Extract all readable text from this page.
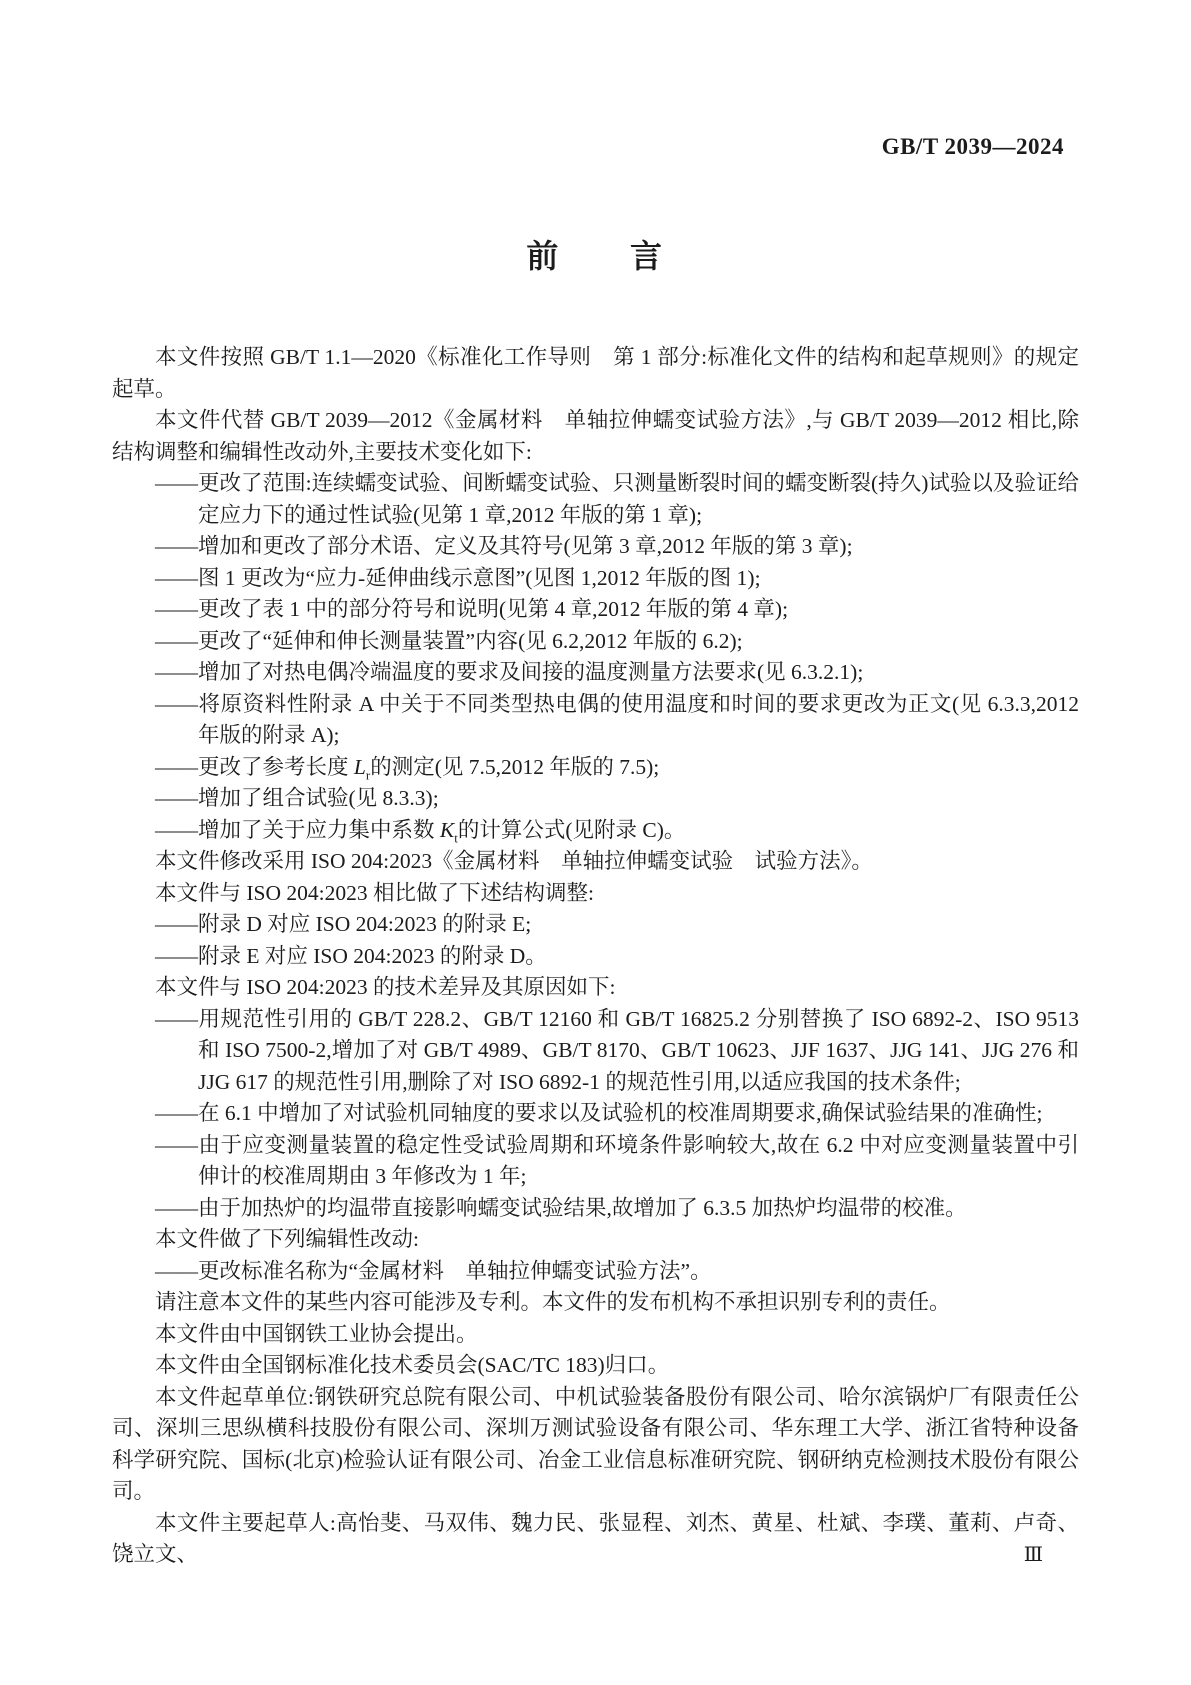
GB/T 2039—2024
前　　言

本文件按照 GB/T 1.1—2020《标准化工作导则　第 1 部分:标准化文件的结构和起草规则》的规定起草。

本文件代替 GB/T 2039—2012《金属材料　单轴拉伸蠕变试验方法》,与 GB/T 2039—2012 相比,除结构调整和编辑性改动外,主要技术变化如下:

——更改了范围:连续蠕变试验、间断蠕变试验、只测量断裂时间的蠕变断裂(持久)试验以及验证给定应力下的通过性试验(见第 1 章,2012 年版的第 1 章);
——增加和更改了部分术语、定义及其符号(见第 3 章,2012 年版的第 3 章);
——图 1 更改为“应力-延伸曲线示意图”(见图 1,2012 年版的图 1);
——更改了表 1 中的部分符号和说明(见第 4 章,2012 年版的第 4 章);
——更改了“延伸和伸长测量装置”内容(见 6.2,2012 年版的 6.2);
——增加了对热电偶冷端温度的要求及间接的温度测量方法要求(见 6.3.2.1);
——将原资料性附录 A 中关于不同类型热电偶的使用温度和时间的要求更改为正文(见 6.3.3,2012 年版的附录 A);
——更改了参考长度 $L_r$的测定(见 7.5,2012 年版的 7.5);
——增加了组合试验(见 8.3.3);
——增加了关于应力集中系数 $K_t$的计算公式(见附录 C)。

本文件修改采用 ISO 204:2023《金属材料　单轴拉伸蠕变试验　试验方法》。

本文件与 ISO 204:2023 相比做了下述结构调整:

——附录 D 对应 ISO 204:2023 的附录 E;
——附录 E 对应 ISO 204:2023 的附录 D。

本文件与 ISO 204:2023 的技术差异及其原因如下:

——用规范性引用的 GB/T 228.2、GB/T 12160 和 GB/T 16825.2 分别替换了 ISO 6892-2、ISO 9513 和 ISO 7500-2,增加了对 GB/T 4989、GB/T 8170、GB/T 10623、JJF 1637、JJG 141、JJG 276 和 JJG 617 的规范性引用,删除了对 ISO 6892-1 的规范性引用,以适应我国的技术条件;
——在 6.1 中增加了对试验机同轴度的要求以及试验机的校准周期要求,确保试验结果的准确性;
——由于应变测量装置的稳定性受试验周期和环境条件影响较大,故在 6.2 中对应变测量装置中引伸计的校准周期由 3 年修改为 1 年;
——由于加热炉的均温带直接影响蠕变试验结果,故增加了 6.3.5 加热炉均温带的校准。

本文件做了下列编辑性改动:

——更改标准名称为“金属材料　单轴拉伸蠕变试验方法”。

请注意本文件的某些内容可能涉及专利。本文件的发布机构不承担识别专利的责任。

本文件由中国钢铁工业协会提出。

本文件由全国钢标准化技术委员会(SAC/TC 183)归口。

本文件起草单位:钢铁研究总院有限公司、中机试验装备股份有限公司、哈尔滨锅炉厂有限责任公司、深圳三思纵横科技股份有限公司、深圳万测试验设备有限公司、华东理工大学、浙江省特种设备科学研究院、国标(北京)检验认证有限公司、冶金工业信息标准研究院、钢研纳克检测技术股份有限公司。

本文件主要起草人:高怡斐、马双伟、魏力民、张显程、刘杰、黄星、杜斌、李璞、董莉、卢奇、饶立文、	Ⅲ
